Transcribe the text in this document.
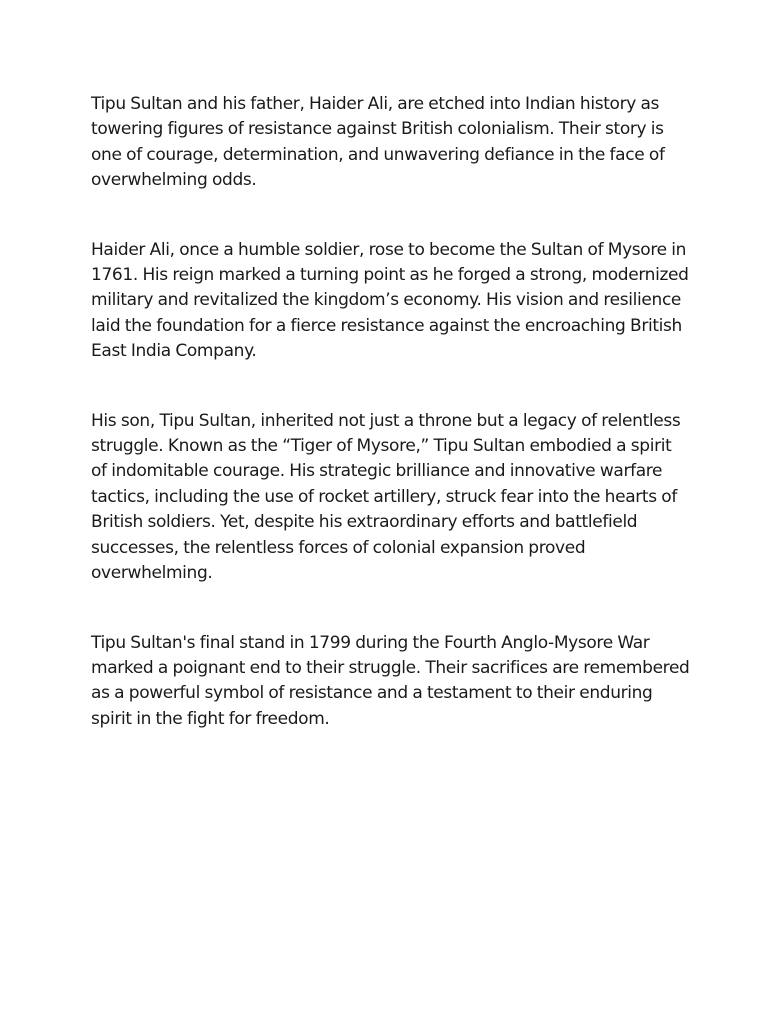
Tipu Sultan and his father, Haider Ali, are etched into Indian history as towering figures of resistance against British colonialism. Their story is one of courage, determination, and unwavering defiance in the face of overwhelming odds.

Haider Ali, once a humble soldier, rose to become the Sultan of Mysore in 1761. His reign marked a turning point as he forged a strong, modernized military and revitalized the kingdom’s economy. His vision and resilience laid the foundation for a fierce resistance against the encroaching British East India Company.

His son, Tipu Sultan, inherited not just a throne but a legacy of relentless struggle. Known as the “Tiger of Mysore,” Tipu Sultan embodied a spirit of indomitable courage. His strategic brilliance and innovative warfare tactics, including the use of rocket artillery, struck fear into the hearts of British soldiers. Yet, despite his extraordinary efforts and battlefield successes, the relentless forces of colonial expansion proved overwhelming.

Tipu Sultan's final stand in 1799 during the Fourth Anglo-Mysore War marked a poignant end to their struggle. Their sacrifices are remembered as a powerful symbol of resistance and a testament to their enduring spirit in the fight for freedom.
